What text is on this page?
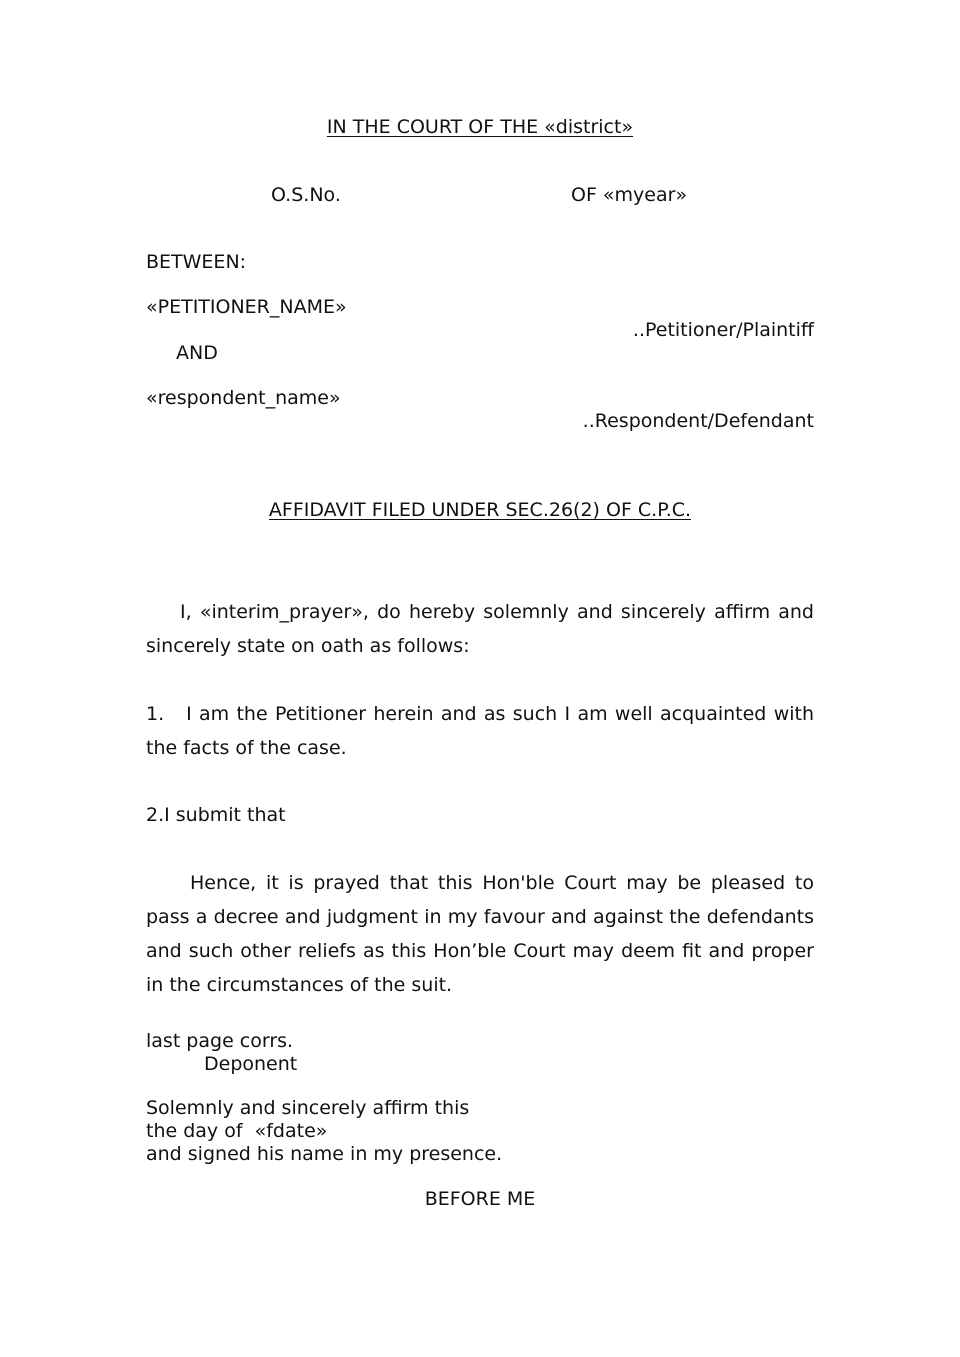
IN THE COURT OF THE «district»
O.S.No.	OF «myear»
BETWEEN:
«PETITIONER_NAME»
..Petitioner/Plaintiff
AND
«respondent_name»
..Respondent/Defendant
AFFIDAVIT FILED UNDER SEC.26(2) OF C.P.C.
I, «interim_prayer», do hereby solemnly and sincerely affirm and sincerely state on oath as follows:
1.   I am the Petitioner herein and as such I am well acquainted with the facts of the case.
2.I submit that
Hence, it is prayed that this Hon'ble Court may be pleased to pass a decree and judgment in my favour and against the defendants and such other reliefs as this Hon’ble Court may deem fit and proper in the circumstances of the suit.
last page corrs.
Deponent
Solemnly and sincerely affirm this
the day of  «fdate»
and signed his name in my presence.
BEFORE ME
